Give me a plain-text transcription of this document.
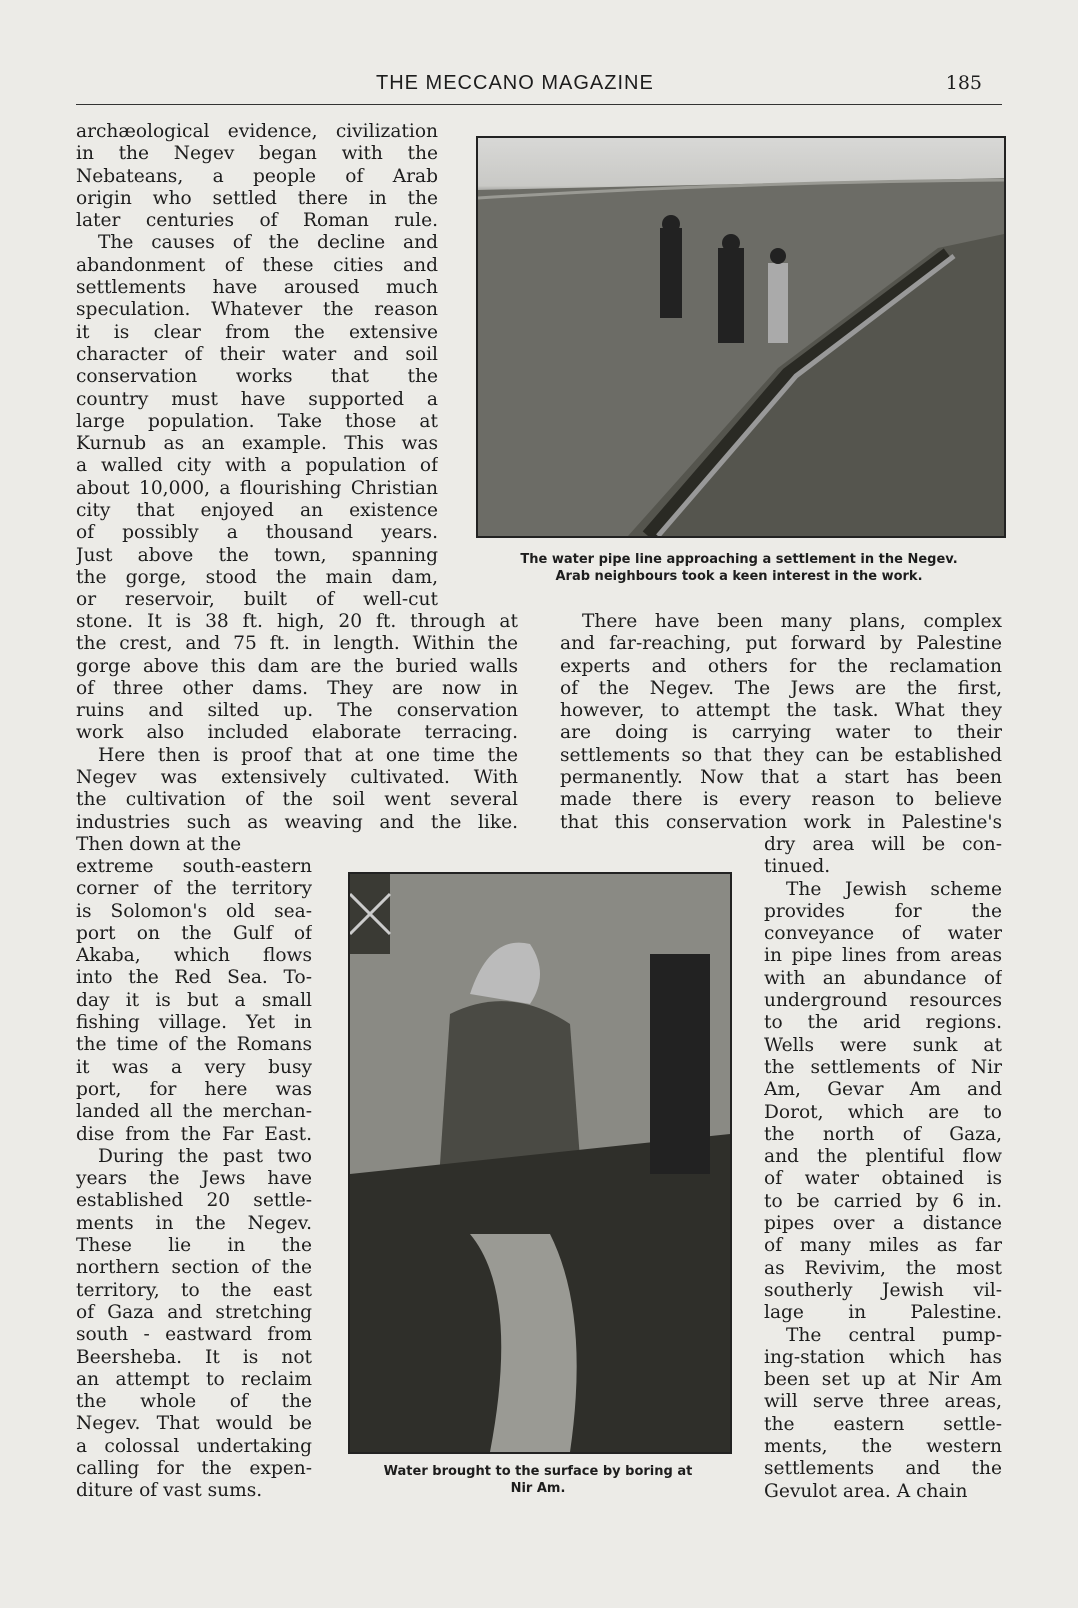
THE MECCANO MAGAZINE	185
archæological evidence, civilization
in the Negev began with the
Nebateans, a people of Arab
origin who settled there in the
later centuries of Roman rule.
The causes of the decline and
abandonment of these cities and
settlements have aroused much
speculation. Whatever the reason
it is clear from the extensive
character of their water and soil
conservation works that the
country must have supported a
large population. Take those at
Kurnub as an example. This was
a walled city with a population of
about 10,000, a flourishing Christian
city that enjoyed an existence
of possibly a thousand years.
Just above the town, spanning
the gorge, stood the main dam,
or reservoir, built of well-cut
stone. It is 38 ft. high, 20 ft. through at
the crest, and 75 ft. in length. Within the
gorge above this dam are the buried walls
of three other dams. They are now in
ruins and silted up. The conservation
work also included elaborate terracing.
Here then is proof that at one time the
Negev was extensively cultivated. With
the cultivation of the soil went several
industries such as weaving and the like.
Then down at the
There have been many plans, complex
and far-reaching, put forward by Palestine
experts and others for the reclamation
of the Negev. The Jews are the first,
however, to attempt the task. What they
are doing is carrying water to their
settlements so that they can be established
permanently. Now that a start has been
made there is every reason to believe
that this conservation work in Palestine's
extreme south-eastern
corner of the territory
is Solomon's old sea-
port on the Gulf of
Akaba, which flows
into the Red Sea. To-
day it is but a small
fishing village. Yet in
the time of the Romans
it was a very busy
port, for here was
landed all the merchan-
dise from the Far East.
During the past two
years the Jews have
established 20 settle-
ments in the Negev.
These lie in the
northern section of the
territory, to the east
of Gaza and stretching
south - eastward from
Beersheba. It is not
an attempt to reclaim
the whole of the
Negev. That would be
a colossal undertaking
calling for the expen-
diture of vast sums.
dry area will be con-
tinued.
The Jewish scheme
provides for the
conveyance of water
in pipe lines from areas
with an abundance of
underground resources
to the arid regions.
Wells were sunk at
the settlements of Nir
Am, Gevar Am and
Dorot, which are to
the north of Gaza,
and the plentiful flow
of water obtained is
to be carried by 6 in.
pipes over a distance
of many miles as far
as Revivim, the most
southerly Jewish vil-
lage in Palestine.
The central pump-
ing-station which has
been set up at Nir Am
will serve three areas,
the eastern settle-
ments, the western
settlements and the
Gevulot area. A chain
The water pipe line approaching a settlement in the Negev.
Arab neighbours took a keen interest in the work.
Water brought to the surface by boring at
Nir Am.
